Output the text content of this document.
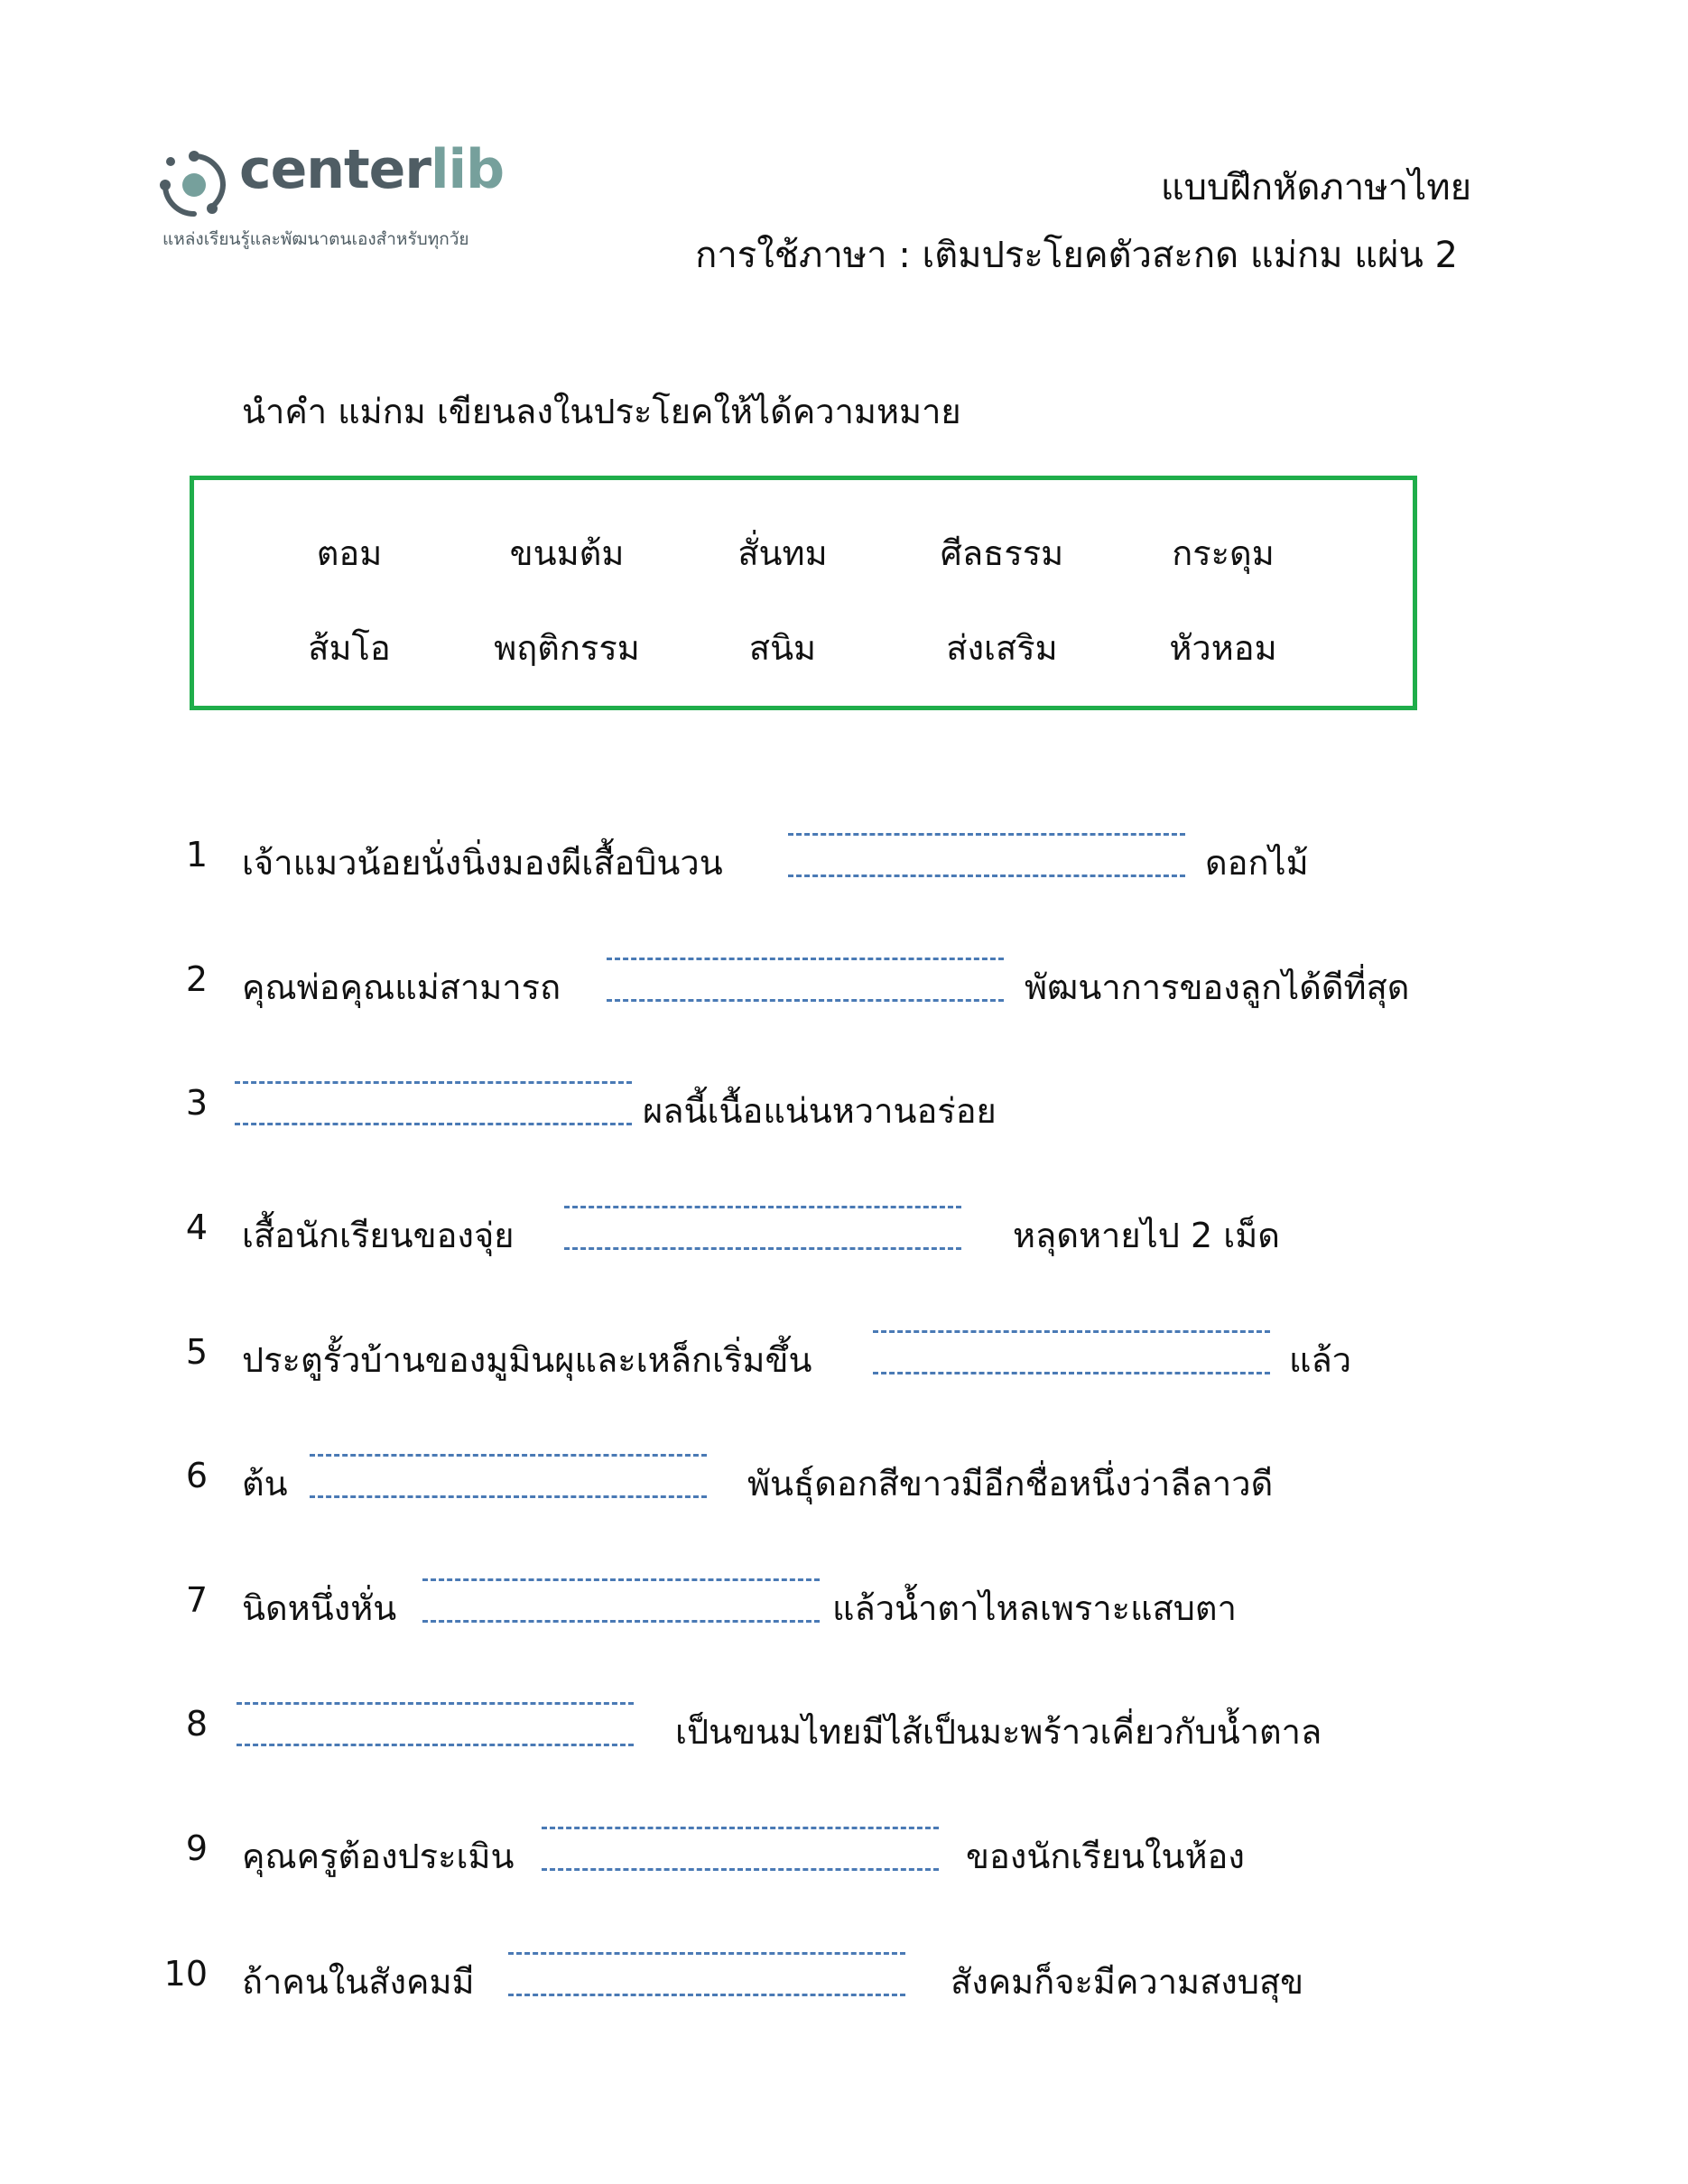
centerlib
แหล่งเรียนรู้และพัฒนาตนเองสำหรับทุกวัย
แบบฝึกหัดภาษาไทย
การใช้ภาษา : เติมประโยคตัวสะกด แม่กม แผ่น 2
นำคำ แม่กม เขียนลงในประโยคให้ได้ความหมาย
ตอม	ขนมต้ม	สั่นทม	ศีลธรรม	กระดุม
ส้มโอ	พฤติกรรม	สนิม	ส่งเสริม	หัวหอม
1 เจ้าแมวน้อยนั่งนิ่งมองผีเสื้อบินวน	ดอกไม้
2 คุณพ่อคุณแม่สามารถ	พัฒนาการของลูกได้ดีที่สุด
3	ผลนี้เนื้อแน่นหวานอร่อย
4 เสื้อนักเรียนของจุ่ย	หลุดหายไป 2 เม็ด
5 ประตูรั้วบ้านของมูมินผุและเหล็กเริ่มขึ้น	แล้ว
6 ต้น	พันธุ์ดอกสีขาวมีอีกชื่อหนึ่งว่าลีลาวดี
7 นิดหนึ่งหั่น	แล้วน้ำตาไหลเพราะแสบตา
8	เป็นขนมไทยมีไส้เป็นมะพร้าวเคี่ยวกับน้ำตาล
9 คุณครูต้องประเมิน	ของนักเรียนในห้อง
10 ถ้าคนในสังคมมี	สังคมก็จะมีความสงบสุข
